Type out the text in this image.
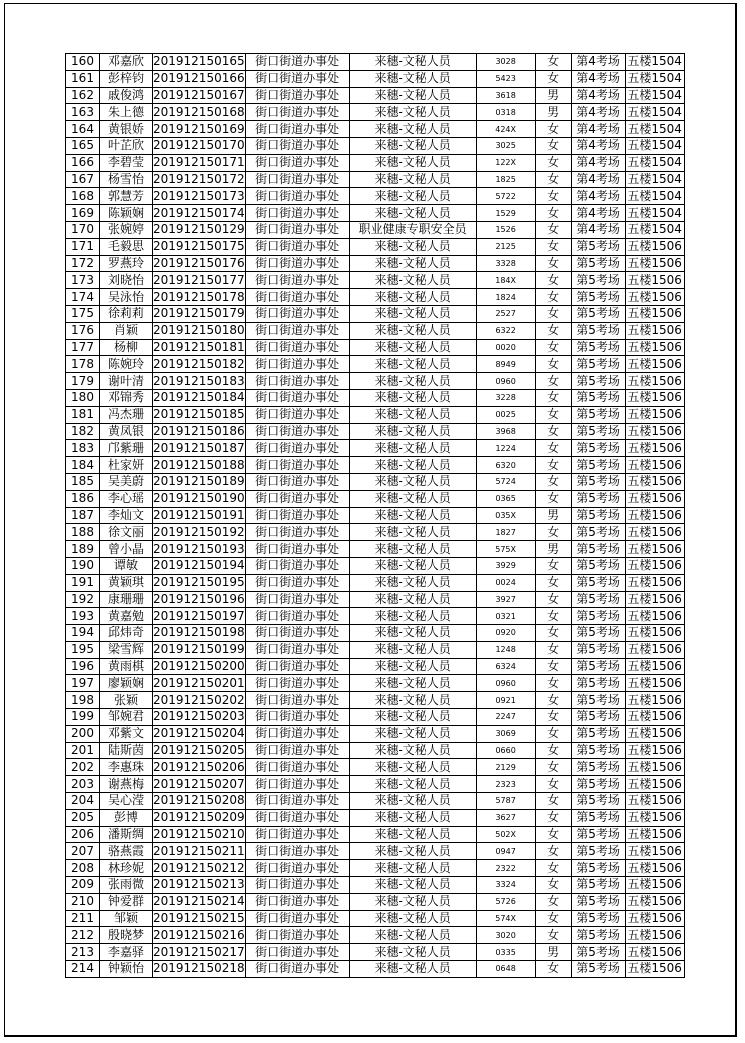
160	邓嘉欣	201912150165	街口街道办事处	来穗-文秘人员	3028	女	第4考场	五楼1504
161	彭梓钧	201912150166	街口街道办事处	来穗-文秘人员	5423	女	第4考场	五楼1504
162	戚俊鸿	201912150167	街口街道办事处	来穗-文秘人员	3618	男	第4考场	五楼1504
163	朱上德	201912150168	街口街道办事处	来穗-文秘人员	0318	男	第4考场	五楼1504
164	黄银娇	201912150169	街口街道办事处	来穗-文秘人员	424X	女	第4考场	五楼1504
165	叶芷欣	201912150170	街口街道办事处	来穗-文秘人员	3025	女	第4考场	五楼1504
166	李碧莹	201912150171	街口街道办事处	来穗-文秘人员	122X	女	第4考场	五楼1504
167	杨雪怡	201912150172	街口街道办事处	来穗-文秘人员	1825	女	第4考场	五楼1504
168	郭慧芳	201912150173	街口街道办事处	来穗-文秘人员	5722	女	第4考场	五楼1504
169	陈颖娴	201912150174	街口街道办事处	来穗-文秘人员	1529	女	第4考场	五楼1504
170	张婉婷	201912150129	街口街道办事处	职业健康专职安全员	1526	女	第4考场	五楼1504
171	毛毅思	201912150175	街口街道办事处	来穗-文秘人员	2125	女	第5考场	五楼1506
172	罗燕玲	201912150176	街口街道办事处	来穗-文秘人员	3328	女	第5考场	五楼1506
173	刘晓怡	201912150177	街口街道办事处	来穗-文秘人员	184X	女	第5考场	五楼1506
174	吴泳怡	201912150178	街口街道办事处	来穗-文秘人员	1824	女	第5考场	五楼1506
175	徐莉莉	201912150179	街口街道办事处	来穗-文秘人员	2527	女	第5考场	五楼1506
176	肖颖	201912150180	街口街道办事处	来穗-文秘人员	6322	女	第5考场	五楼1506
177	杨柳	201912150181	街口街道办事处	来穗-文秘人员	0020	女	第5考场	五楼1506
178	陈婉玲	201912150182	街口街道办事处	来穗-文秘人员	8949	女	第5考场	五楼1506
179	谢叶清	201912150183	街口街道办事处	来穗-文秘人员	0960	女	第5考场	五楼1506
180	邓锦秀	201912150184	街口街道办事处	来穗-文秘人员	3228	女	第5考场	五楼1506
181	冯杰珊	201912150185	街口街道办事处	来穗-文秘人员	0025	女	第5考场	五楼1506
182	黄凤银	201912150186	街口街道办事处	来穗-文秘人员	3968	女	第5考场	五楼1506
183	邝紫珊	201912150187	街口街道办事处	来穗-文秘人员	1224	女	第5考场	五楼1506
184	杜家妍	201912150188	街口街道办事处	来穗-文秘人员	6320	女	第5考场	五楼1506
185	吴美蔚	201912150189	街口街道办事处	来穗-文秘人员	5724	女	第5考场	五楼1506
186	李心瑶	201912150190	街口街道办事处	来穗-文秘人员	0365	女	第5考场	五楼1506
187	李灿文	201912150191	街口街道办事处	来穗-文秘人员	035X	男	第5考场	五楼1506
188	徐文丽	201912150192	街口街道办事处	来穗-文秘人员	1827	女	第5考场	五楼1506
189	曾小晶	201912150193	街口街道办事处	来穗-文秘人员	575X	男	第5考场	五楼1506
190	谭敏	201912150194	街口街道办事处	来穗-文秘人员	3929	女	第5考场	五楼1506
191	黄颖琪	201912150195	街口街道办事处	来穗-文秘人员	0024	女	第5考场	五楼1506
192	康珊珊	201912150196	街口街道办事处	来穗-文秘人员	3927	女	第5考场	五楼1506
193	黄嘉勉	201912150197	街口街道办事处	来穗-文秘人员	0321	女	第5考场	五楼1506
194	邱炜奇	201912150198	街口街道办事处	来穗-文秘人员	0920	女	第5考场	五楼1506
195	梁雪辉	201912150199	街口街道办事处	来穗-文秘人员	1248	女	第5考场	五楼1506
196	黄雨棋	201912150200	街口街道办事处	来穗-文秘人员	6324	女	第5考场	五楼1506
197	廖颖娴	201912150201	街口街道办事处	来穗-文秘人员	0960	女	第5考场	五楼1506
198	张颖	201912150202	街口街道办事处	来穗-文秘人员	0921	女	第5考场	五楼1506
199	邹婉君	201912150203	街口街道办事处	来穗-文秘人员	2247	女	第5考场	五楼1506
200	邓紫文	201912150204	街口街道办事处	来穗-文秘人员	3069	女	第5考场	五楼1506
201	陆斯茵	201912150205	街口街道办事处	来穗-文秘人员	0660	女	第5考场	五楼1506
202	李惠珠	201912150206	街口街道办事处	来穗-文秘人员	2129	女	第5考场	五楼1506
203	谢燕梅	201912150207	街口街道办事处	来穗-文秘人员	2323	女	第5考场	五楼1506
204	吴心滢	201912150208	街口街道办事处	来穗-文秘人员	5787	女	第5考场	五楼1506
205	彭博	201912150209	街口街道办事处	来穗-文秘人员	3627	女	第5考场	五楼1506
206	潘斯绸	201912150210	街口街道办事处	来穗-文秘人员	502X	女	第5考场	五楼1506
207	骆燕霞	201912150211	街口街道办事处	来穗-文秘人员	0947	女	第5考场	五楼1506
208	林珍妮	201912150212	街口街道办事处	来穗-文秘人员	2322	女	第5考场	五楼1506
209	张雨微	201912150213	街口街道办事处	来穗-文秘人员	3324	女	第5考场	五楼1506
210	钟爱群	201912150214	街口街道办事处	来穗-文秘人员	5726	女	第5考场	五楼1506
211	邹颖	201912150215	街口街道办事处	来穗-文秘人员	574X	女	第5考场	五楼1506
212	殷晓梦	201912150216	街口街道办事处	来穗-文秘人员	3020	女	第5考场	五楼1506
213	李嘉驿	201912150217	街口街道办事处	来穗-文秘人员	0335	男	第5考场	五楼1506
214	钟颖怡	201912150218	街口街道办事处	来穗-文秘人员	0648	女	第5考场	五楼1506
